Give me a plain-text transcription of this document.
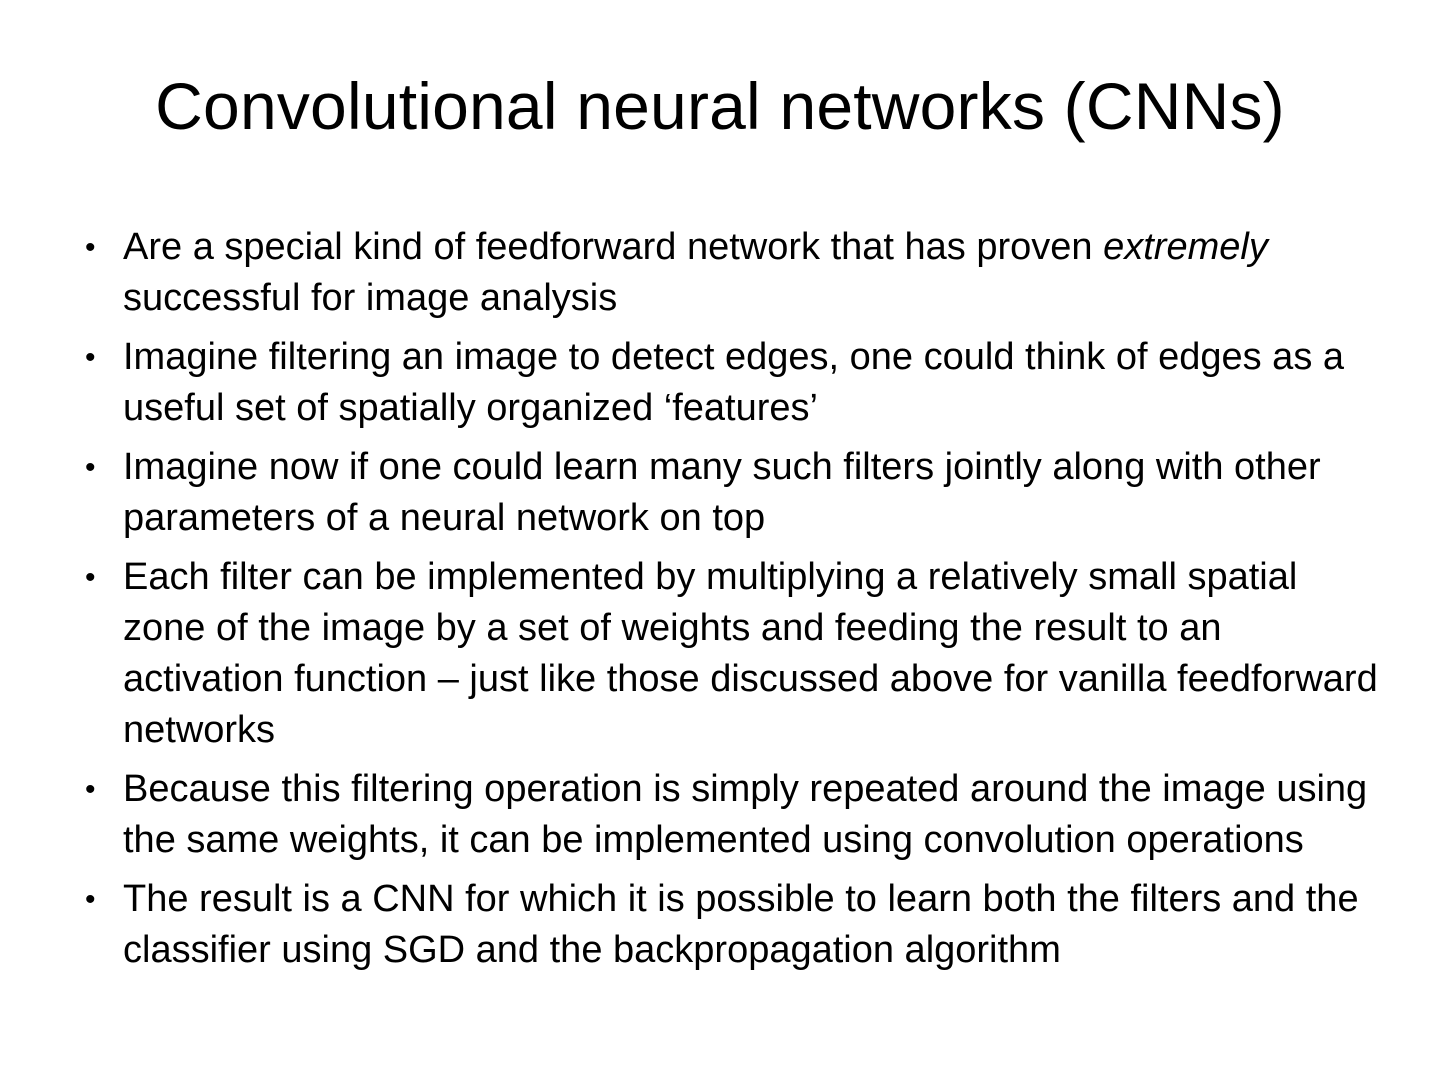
Convolutional neural networks (CNNs)
• Are a special kind of feedforward network that has proven extremely successful for image analysis
• Imagine filtering an image to detect edges, one could think of edges as a useful set of spatially organized ‘features’
• Imagine now if one could learn many such filters jointly along with other parameters of a neural network on top
• Each filter can be implemented by multiplying a relatively small spatial zone of the image by a set of weights and feeding the result to an activation function – just like those discussed above for vanilla feedforward networks
• Because this filtering operation is simply repeated around the image using the same weights, it can be implemented using convolution operations
• The result is a CNN for which it is possible to learn both the filters and the classifier using SGD and the backpropagation algorithm
